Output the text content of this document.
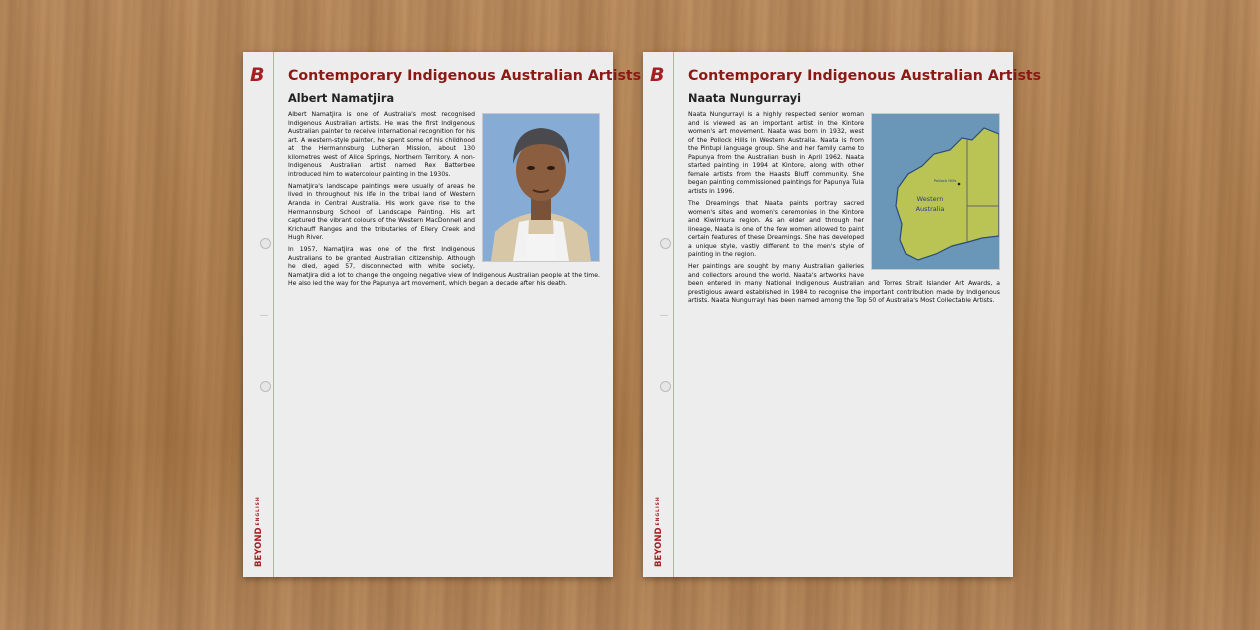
B
BEYONDENGLISH
Contemporary Indigenous Australian Artists
Albert Namatjira

Albert Namatjira is one of Australia's most recognised Indigenous Australian artists. He was the first Indigenous Australian painter to receive international recognition for his art. A western-style painter, he spent some of his childhood at the Hermannsburg Lutheran Mission, about 130 kilometres west of Alice Springs, Northern Territory. A non-Indigenous Australian artist named Rex Batterbee introduced him to watercolour painting in the 1930s.

Namatjira's landscape paintings were usually of areas he lived in throughout his life in the tribal land of Western Aranda in Central Australia. His work gave rise to the Hermannsburg School of Landscape Painting. His art captured the vibrant colours of the Western MacDonnell and Krichauff Ranges and the tributaries of Ellery Creek and Hugh River.

In 1957, Namatjira was one of the first Indigenous Australians to be granted Australian citizenship. Although he died, aged 57, disconnected with white society, Namatjira did a lot to change the ongoing negative view of Indigenous Australian people at the time. He also led the way for the Papunya art movement, which began a decade after his death.

B
BEYONDENGLISH
Contemporary Indigenous Australian Artists
Naata Nungurrayi
Pollock Hills
Western Australia

Naata Nungurrayi is a highly respected senior woman and is viewed as an important artist in the Kintore women's art movement. Naata was born in 1932, west of the Pollock Hills in Western Australia. Naata is from the Pintupi language group. She and her family came to Papunya from the Australian bush in April 1962. Naata started painting in 1994 at Kintore, along with other female artists from the Haasts Bluff community. She began painting commissioned paintings for Papunya Tula artists in 1996.

The Dreamings that Naata paints portray sacred women's sites and women's ceremonies in the Kintore and Kiwirrkura region. As an elder and through her lineage, Naata is one of the few women allowed to paint certain features of these Dreamings. She has developed a unique style, vastly different to the men's style of painting in the region.

Her paintings are sought by many Australian galleries and collectors around the world. Naata's artworks have been entered in many National Indigenous Australian and Torres Strait Islander Art Awards, a prestigious award established in 1984 to recognise the important contribution made by Indigenous artists. Naata Nungurrayi has been named among the Top 50 of Australia's Most Collectable Artists.
